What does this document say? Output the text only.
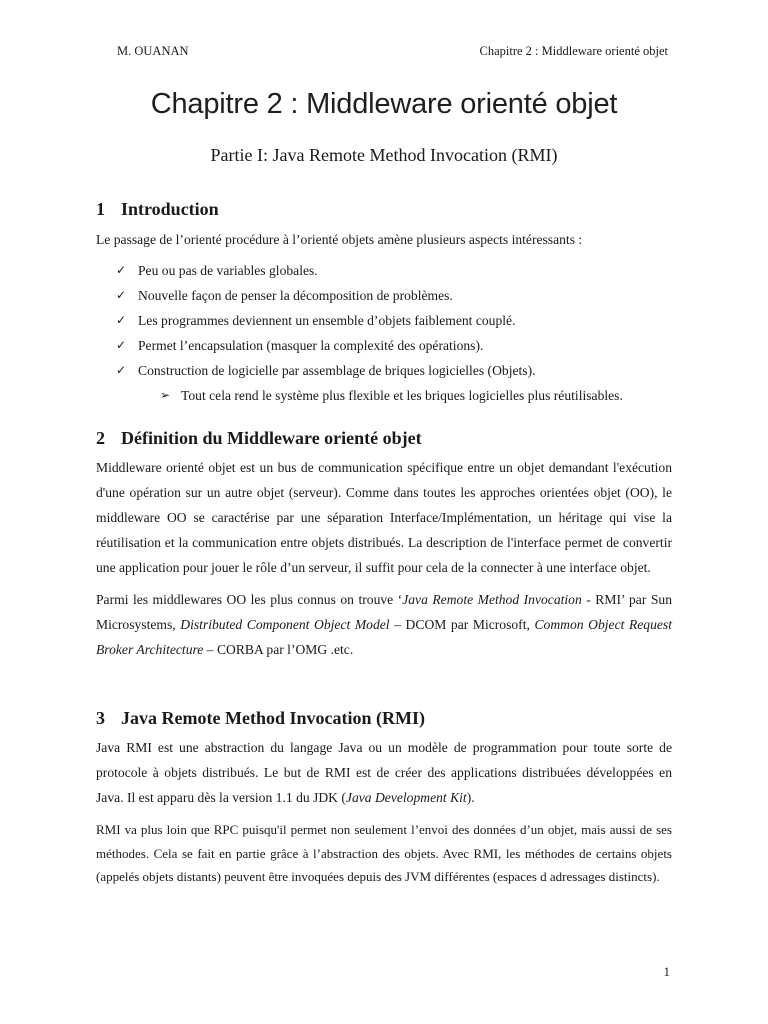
M. OUANAN	Chapitre 2 : Middleware orienté objet
Chapitre 2 : Middleware orienté objet
Partie I: Java Remote Method Invocation (RMI)
1 Introduction

Le passage de l’orienté procédure à l’orienté objets amène plusieurs aspects intéressants :

✓ Peu ou pas de variables globales.
✓ Nouvelle façon de penser la décomposition de problèmes.
✓ Les programmes deviennent un ensemble d’objets faiblement couplé.
✓ Permet l’encapsulation (masquer la complexité des opérations).
✓ Construction de logicielle par assemblage de briques logicielles (Objets).
➢ Tout cela rend le système plus flexible et les briques logicielles plus réutilisables.
2 Définition du Middleware orienté objet

Middleware orienté objet est un bus de communication spécifique entre un objet demandant l'exécution d'une opération sur un autre objet (serveur). Comme dans toutes les approches orientées objet (OO), le middleware OO se caractérise par une séparation Interface/Implémentation, un héritage qui vise la réutilisation et la communication entre objets distribués. La description de l'interface permet de convertir une application pour jouer le rôle d’un serveur, il suffit pour cela de la connecter à une interface objet.

Parmi les middlewares OO les plus connus on trouve ‘Java Remote Method Invocation - RMI’ par Sun Microsystems, Distributed Component Object Model – DCOM par Microsoft, Common Object Request Broker Architecture – CORBA par l’OMG .etc.

3 Java Remote Method Invocation (RMI)

Java RMI est une abstraction du langage Java ou un modèle de programmation pour toute sorte de protocole à objets distribués. Le but de RMI est de créer des applications distribuées développées en Java. Il est apparu dès la version 1.1 du JDK (Java Development Kit).

RMI va plus loin que RPC puisqu'il permet non seulement l’envoi des données d’un objet, mais aussi de ses méthodes. Cela se fait en partie grâce à l’abstraction des objets. Avec RMI, les méthodes de certains objets (appelés objets distants) peuvent être invoquées depuis des JVM différentes (espaces d adressages distincts).

1
